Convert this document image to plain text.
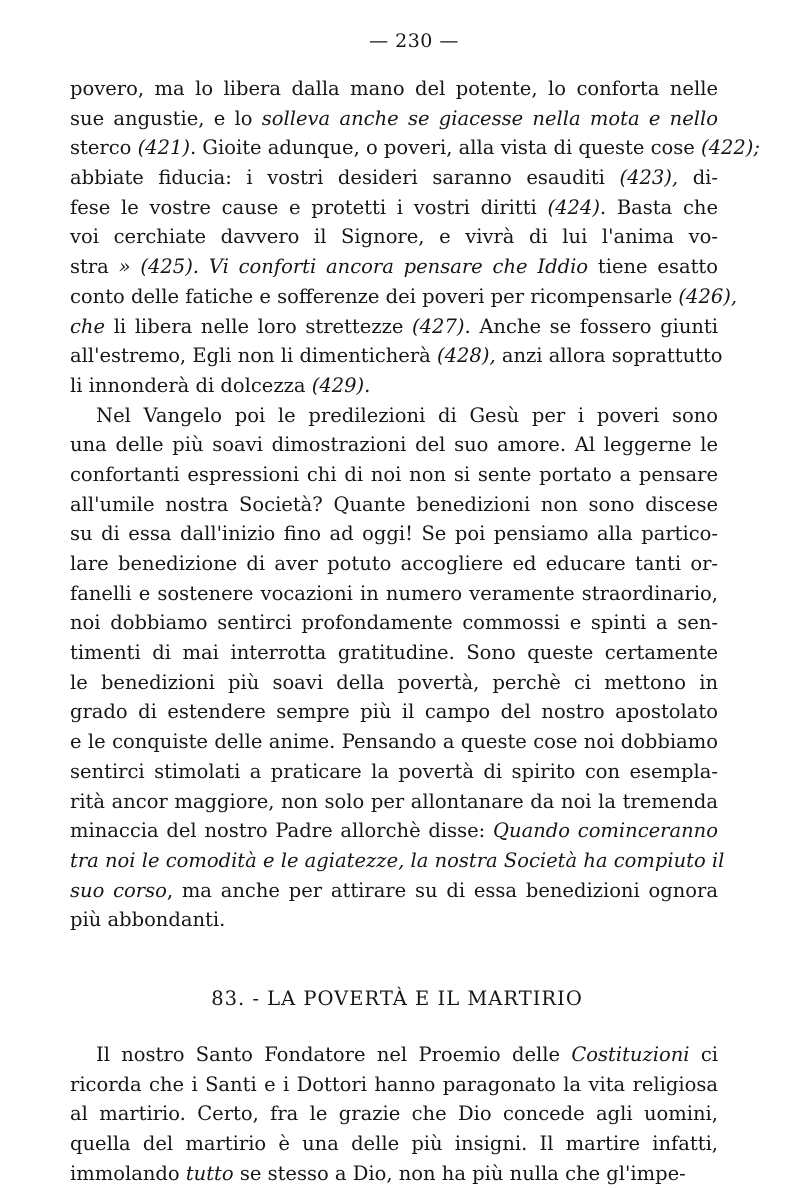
— 230 —
povero, ma lo libera dalla mano del potente, lo conforta nelle
sue angustie, e lo solleva anche se giacesse nella mota e nello
sterco (421). Gioite adunque, o poveri, alla vista di queste cose (422);
abbiate fiducia: i vostri desideri saranno esauditi (423), di-
fese le vostre cause e protetti i vostri diritti (424). Basta che
voi cerchiate davvero il Signore, e vivrà di lui l'anima vo-
stra » (425). Vi conforti ancora pensare che Iddio tiene esatto
conto delle fatiche e sofferenze dei poveri per ricompensarle (426),
che li libera nelle loro strettezze (427). Anche se fossero giunti
all'estremo, Egli non li dimenticherà (428), anzi allora soprattutto
li innonderà di dolcezza (429).
Nel Vangelo poi le predilezioni di Gesù per i poveri sono
una delle più soavi dimostrazioni del suo amore. Al leggerne le
confortanti espressioni chi di noi non si sente portato a pensare
all'umile nostra Società? Quante benedizioni non sono discese
su di essa dall'inizio fino ad oggi! Se poi pensiamo alla partico-
lare benedizione di aver potuto accogliere ed educare tanti or-
fanelli e sostenere vocazioni in numero veramente straordinario,
noi dobbiamo sentirci profondamente commossi e spinti a sen-
timenti di mai interrotta gratitudine. Sono queste certamente
le benedizioni più soavi della povertà, perchè ci mettono in
grado di estendere sempre più il campo del nostro apostolato
e le conquiste delle anime. Pensando a queste cose noi dobbiamo
sentirci stimolati a praticare la povertà di spirito con esempla-
rità ancor maggiore, non solo per allontanare da noi la tremenda
minaccia del nostro Padre allorchè disse: Quando cominceranno
tra noi le comodità e le agiatezze, la nostra Società ha compiuto il
suo corso, ma anche per attirare su di essa benedizioni ognora
più abbondanti.
83. - LA POVERTÀ E IL MARTIRIO
Il nostro Santo Fondatore nel Proemio delle Costituzioni ci
ricorda che i Santi e i Dottori hanno paragonato la vita religiosa
al martirio. Certo, fra le grazie che Dio concede agli uomini,
quella del martirio è una delle più insigni. Il martire infatti,
immolando tutto se stesso a Dio, non ha più nulla che gl'impe-
